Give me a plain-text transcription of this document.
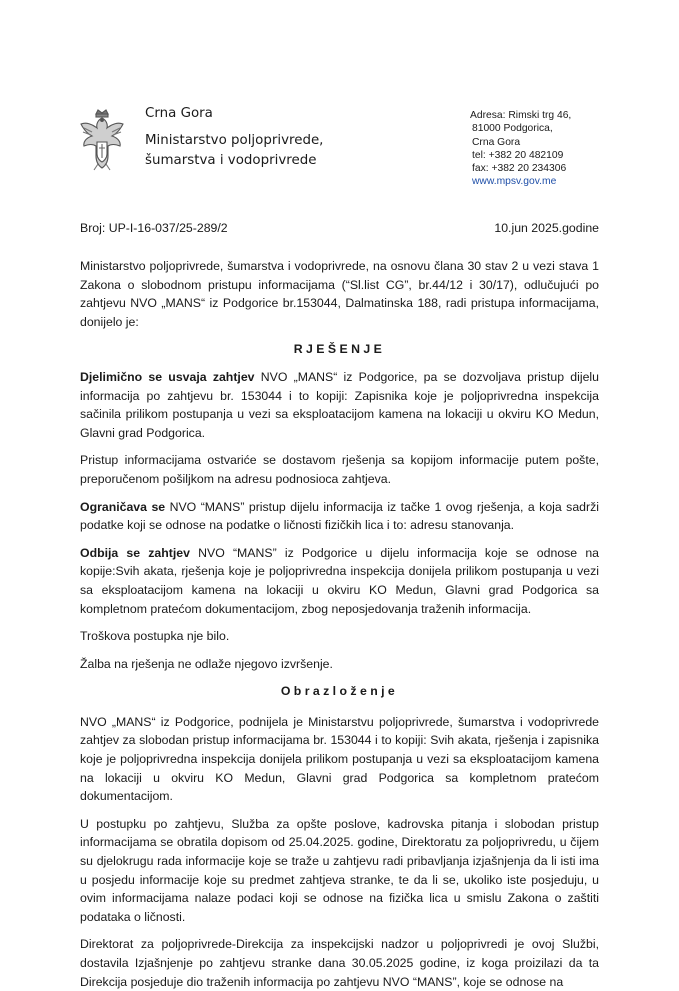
Crna Gora
Ministarstvo poljoprivrede,
šumarstva i vodoprivrede
Adresa: Rimski trg 46,
81000 Podgorica,
Crna Gora
tel: +382 20 482109
fax: +382 20 234306
www.mpsv.gov.me
Broj: UP-I-16-037/25-289/2	10.jun 2025.godine

Ministarstvo poljoprivrede, šumarstva i vodoprivrede, na osnovu člana 30 stav 2 u vezi stava 1 Zakona o slobodnom pristupu informacijama (“Sl.list CG”, br.44/12 i 30/17), odlučujući po zahtjevu NVO „MANS“ iz Podgorice br.153044, Dalmatinska 188, radi pristupa informacijama, donijelo je:

RJEŠENJE

Djelimično se usvaja zahtjev NVO „MANS“ iz Podgorice, pa se dozvoljava pristup dijelu informacija po zahtjevu br. 153044 i to kopiji: Zapisnika koje je poljoprivredna inspekcija sačinila prilikom postupanja u vezi sa eksploatacijom kamena na lokaciji u okviru KO Medun, Glavni grad Podgorica.

Pristup informacijama ostvariće se dostavom rješenja sa kopijom informacije putem pošte, preporučenom pošiljkom na adresu podnosioca zahtjeva.

Ograničava se NVO “MANS” pristup dijelu informacija iz tačke 1 ovog rješenja, a koja sadrži podatke koji se odnose na podatke o ličnosti fizičkih lica i to: adresu stanovanja.

Odbija se zahtjev NVO “MANS” iz Podgorice u dijelu informacija koje se odnose na kopije:Svih akata, rješenja koje je poljoprivredna inspekcija donijela prilikom postupanja u vezi sa eksploatacijom kamena na lokaciji u okviru KO Medun, Glavni grad Podgorica sa kompletnom pratećom dokumentacijom, zbog neposjedovanja traženih informacija.

Troškova postupka nje bilo.

Žalba na rješenja ne odlaže njegovo izvršenje.

Obrazloženje

NVO „MANS“ iz Podgorice, podnijela je Ministarstvu poljoprivrede, šumarstva i vodoprivrede zahtjev za slobodan pristup informacijama br. 153044 i to kopiji: Svih akata, rješenja i zapisnika koje je poljoprivredna inspekcija donijela prilikom postupanja u vezi sa eksploatacijom kamena na lokaciji u okviru KO Medun, Glavni grad Podgorica sa kompletnom pratećom dokumentacijom.

U postupku po zahtjevu, Služba za opšte poslove, kadrovska pitanja i slobodan pristup informacijama se obratila dopisom od 25.04.2025. godine, Direktoratu za poljoprivredu, u čijem su djelokrugu rada informacije koje se traže u zahtjevu radi pribavljanja izjašnjenja da li isti ima u posjedu informacije koje su predmet zahtjeva stranke, te da li se, ukoliko iste posjeduju, u ovim informacijama nalaze podaci koji se odnose na fizička lica u smislu Zakona o zaštiti podataka o ličnosti.

Direktorat za poljoprivrede-Direkcija za inspekcijski nadzor u poljoprivredi je ovoj Službi, dostavila Izjašnjenje po zahtjevu stranke dana 30.05.2025 godine, iz koga proizilazi da ta Direkcija posjeduje dio traženih informacija po zahtjevu NVO “MANS”, koje se odnose na
